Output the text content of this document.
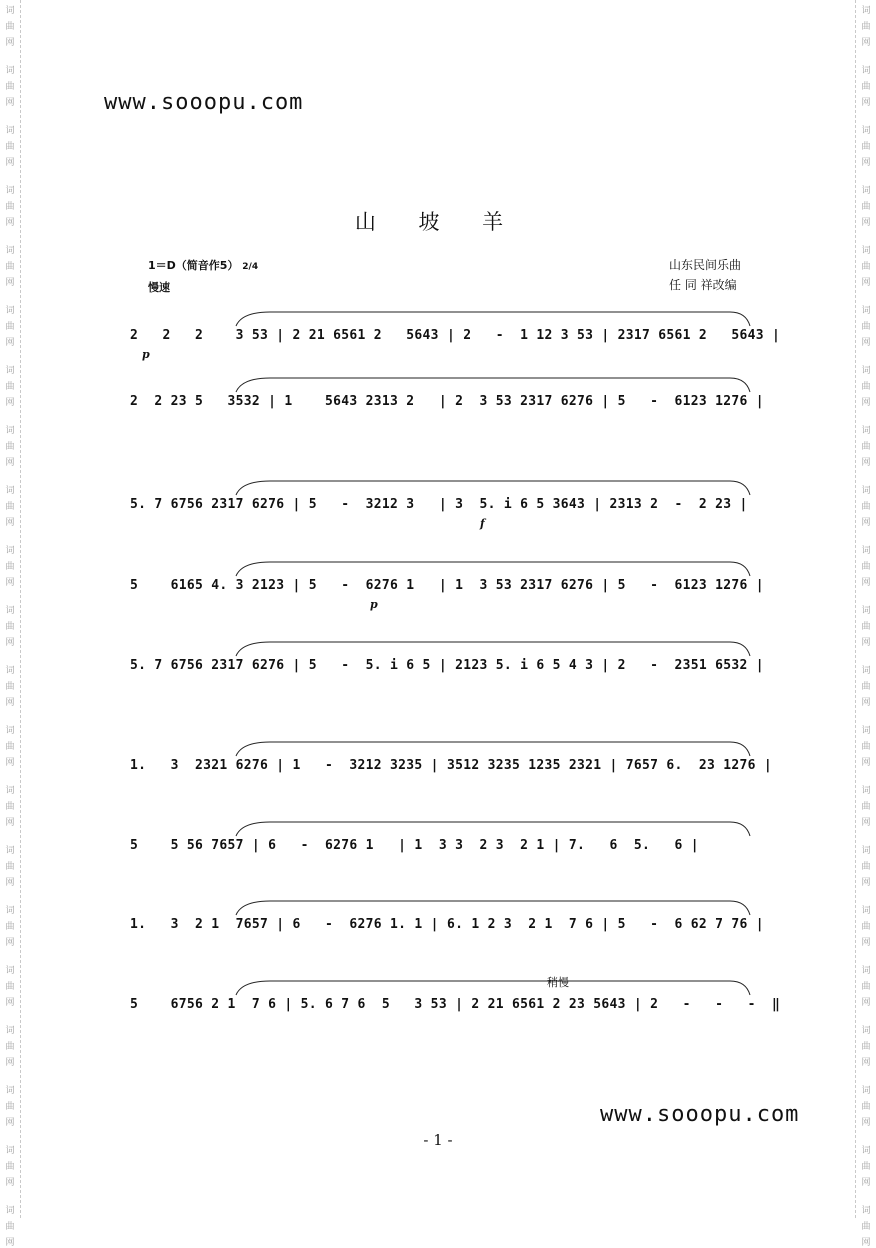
词
曲
网
词
曲
网
词
曲
网
词
曲
网
词
曲
网
词
曲
网
词
曲
网
词
曲
网
词
曲
网
词
曲
网
词
曲
网
词
曲
网
词
曲
网
词
曲
网
词
曲
网
词
曲
网
词
曲
网
词
曲
网
词
曲
网
词
曲
网
词
曲
网
词
曲
网
词
曲
网
词
曲
网
词
曲
网
词
曲
网
词
曲
网
词
曲
网
词
曲
网
词
曲
网
词
曲
网
词
曲
网
词
曲
网
词
曲
网
词
曲
网
词
曲
网
词
曲
网
词
曲
网
词
曲
网
词
曲
网
词
曲
网
词
曲
网
www.sooopu.com
山 坡 羊
1＝D（简音作5） 2/4
慢速
山东民间乐曲
任 同 祥改编
2   2   2    3 53 | 2 21 6561 2   5643 | 2   -  1 12 3 53 | 2317 6561 2   5643 |
p
2  2 23 5   3532 | 1    5643 2313 2   | 2  3 53 2317 6276 | 5   -  6123 1276 |
5. 7 6756 2317 6276 | 5   -  3212 3   | 3  5. i 6 5 3643 | 2313 2  -  2 23 |
f
5    6165 4. 3 2123 | 5   -  6276 1   | 1  3 53 2317 6276 | 5   -  6123 1276 |
p
5. 7 6756 2317 6276 | 5   -  5. i 6 5 | 2123 5. i 6 5 4 3 | 2   -  2351 6532 |
1.   3  2321 6276 | 1   -  3212 3235 | 3512 3235 1235 2321 | 7657 6.  23 1276 |
5    5 56 7657 | 6   -  6276 1   | 1  3 3  2 3  2 1 | 7.   6  5.   6 |
1.   3  2 1  7657 | 6   -  6276 1. 1 | 6. 1 2 3  2 1  7 6 | 5   -  6 62 7 76 |
5    6756 2 1  7 6 | 5. 6 7 6  5   3 53 | 2 21 6561 2 23 5643 | 2   -   -   -  ‖
稍慢
www.sooopu.com
- 1 -
